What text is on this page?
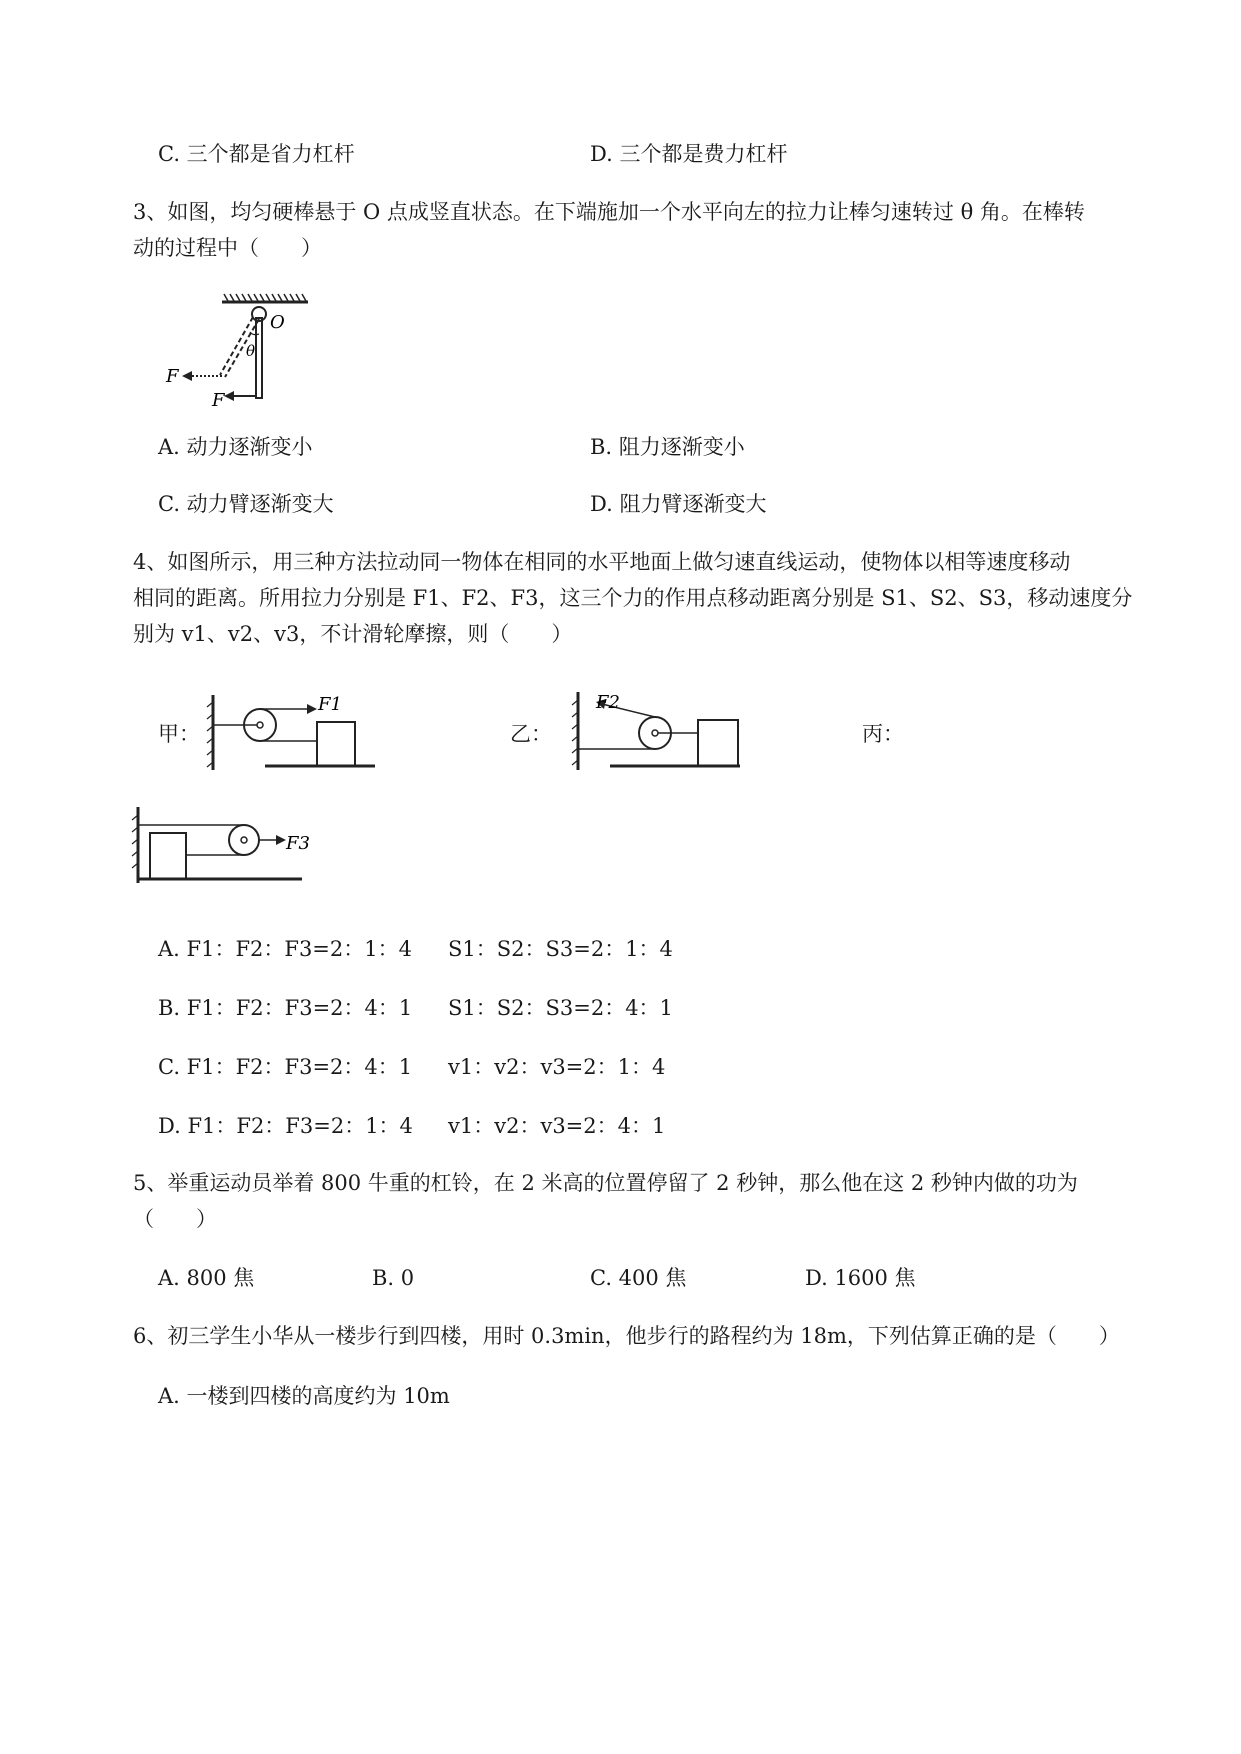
C. 三个都是省力杠杆	D. 三个都是费力杠杆
3、如图，均匀硬棒悬于 O 点成竖直状态。在下端施加一个水平向左的拉力让棒匀速转过 θ 角。在棒转
动的过程中（　　）
O
θ
F
F
A. 动力逐渐变小	B. 阻力逐渐变小
C. 动力臂逐渐变大	D. 阻力臂逐渐变大
4、如图所示，用三种方法拉动同一物体在相同的水平地面上做匀速直线运动，使物体以相等速度移动
相同的距离。所用拉力分别是 F1、F2、F3，这三个力的作用点移动距离分别是 S1、S2、S3，移动速度分
别为 v1、v2、v3，不计滑轮摩擦，则（　　）
甲：	乙：	丙：
F1	F2
F3
A. F1：F2：F3=2：1：4 S1：S2：S3=2：1：4
B. F1：F2：F3=2：4：1 S1：S2：S3=2：4：1
C. F1：F2：F3=2：4：1 v1：v2：v3=2：1：4
D. F1：F2：F3=2：1：4 v1：v2：v3=2：4：1
5、举重运动员举着 800 牛重的杠铃，在 2 米高的位置停留了 2 秒钟，那么他在这 2 秒钟内做的功为
（　　）
A. 800 焦	B. 0	C. 400 焦	D. 1600 焦
6、初三学生小华从一楼步行到四楼，用时 0.3min，他步行的路程约为 18m，下列估算正确的是（　　）
A. 一楼到四楼的高度约为 10m
